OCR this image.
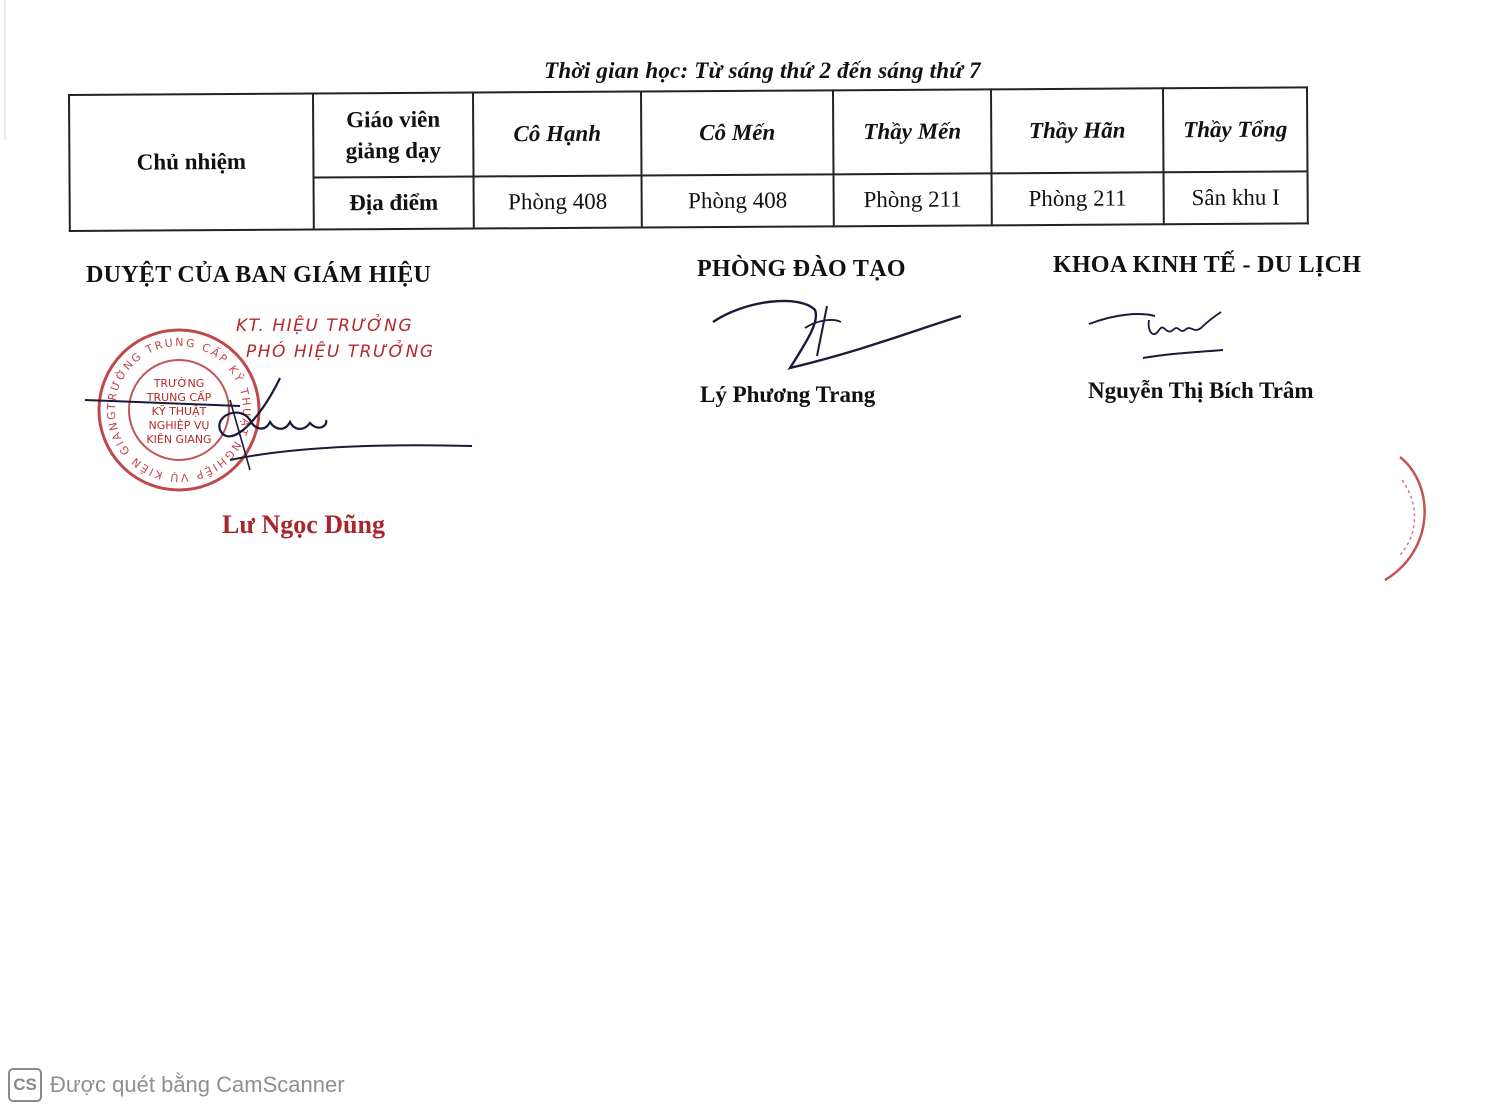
Thời gian học: Từ sáng thứ 2 đến sáng thứ 7
Chủ nhiệm	Giáo viên giảng dạy	Cô Hạnh	Cô Mến	Thầy Mến	Thầy Hãn	Thầy Tổng
	Địa điểm	Phòng 408	Phòng 408	Phòng 211	Phòng 211	Sân khu I
DUYỆT CỦA BAN GIÁM HIỆU
TRƯỜNG TRUNG CẤP KỸ THUẬT NGHIỆP VỤ KIÊN GIANG
TRƯỜNG
TRUNG CẤP
KỸ THUẬT
NGHIỆP VỤ
KIÊN GIANG
KT. HIỆU TRƯỞNG
PHÓ HIỆU TRƯỞNG
Lư Ngọc Dũng
PHÒNG ĐÀO TẠO
Lý Phương Trang
KHOA KINH TẾ - DU LỊCH
Nguyễn Thị Bích Trâm
CS Được quét bằng CamScanner
